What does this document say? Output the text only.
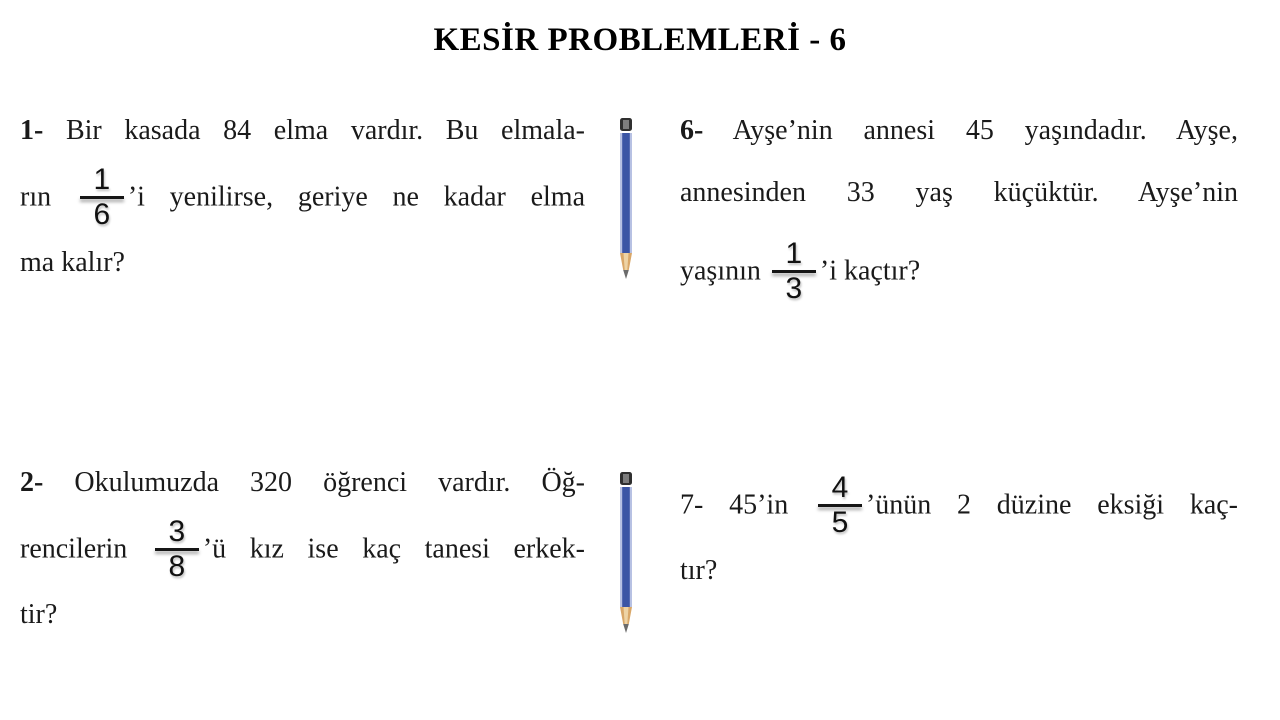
KESİR PROBLEMLERİ - 6
1- Bir kasada 84 elma vardır. Bu elmala-
rın $\frac{1}{6}$ ’i yenilirse, geriye ne kadar elma
ma kalır?
2- Okulumuzda 320 öğrenci vardır. Öğ-
rencilerin $\frac{3}{8}$ ’ü kız ise kaç tanesi erkek-
tir?
6- Ayşe’nin annesi 45 yaşındadır. Ayşe,
annesinden 33 yaş küçüktür. Ayşe’nin
yaşının $\frac{1}{3}$ ’i kaçtır?
7- 45’in $\frac{4}{5}$ ’ünün 2 düzine eksiği kaç-
tır?
